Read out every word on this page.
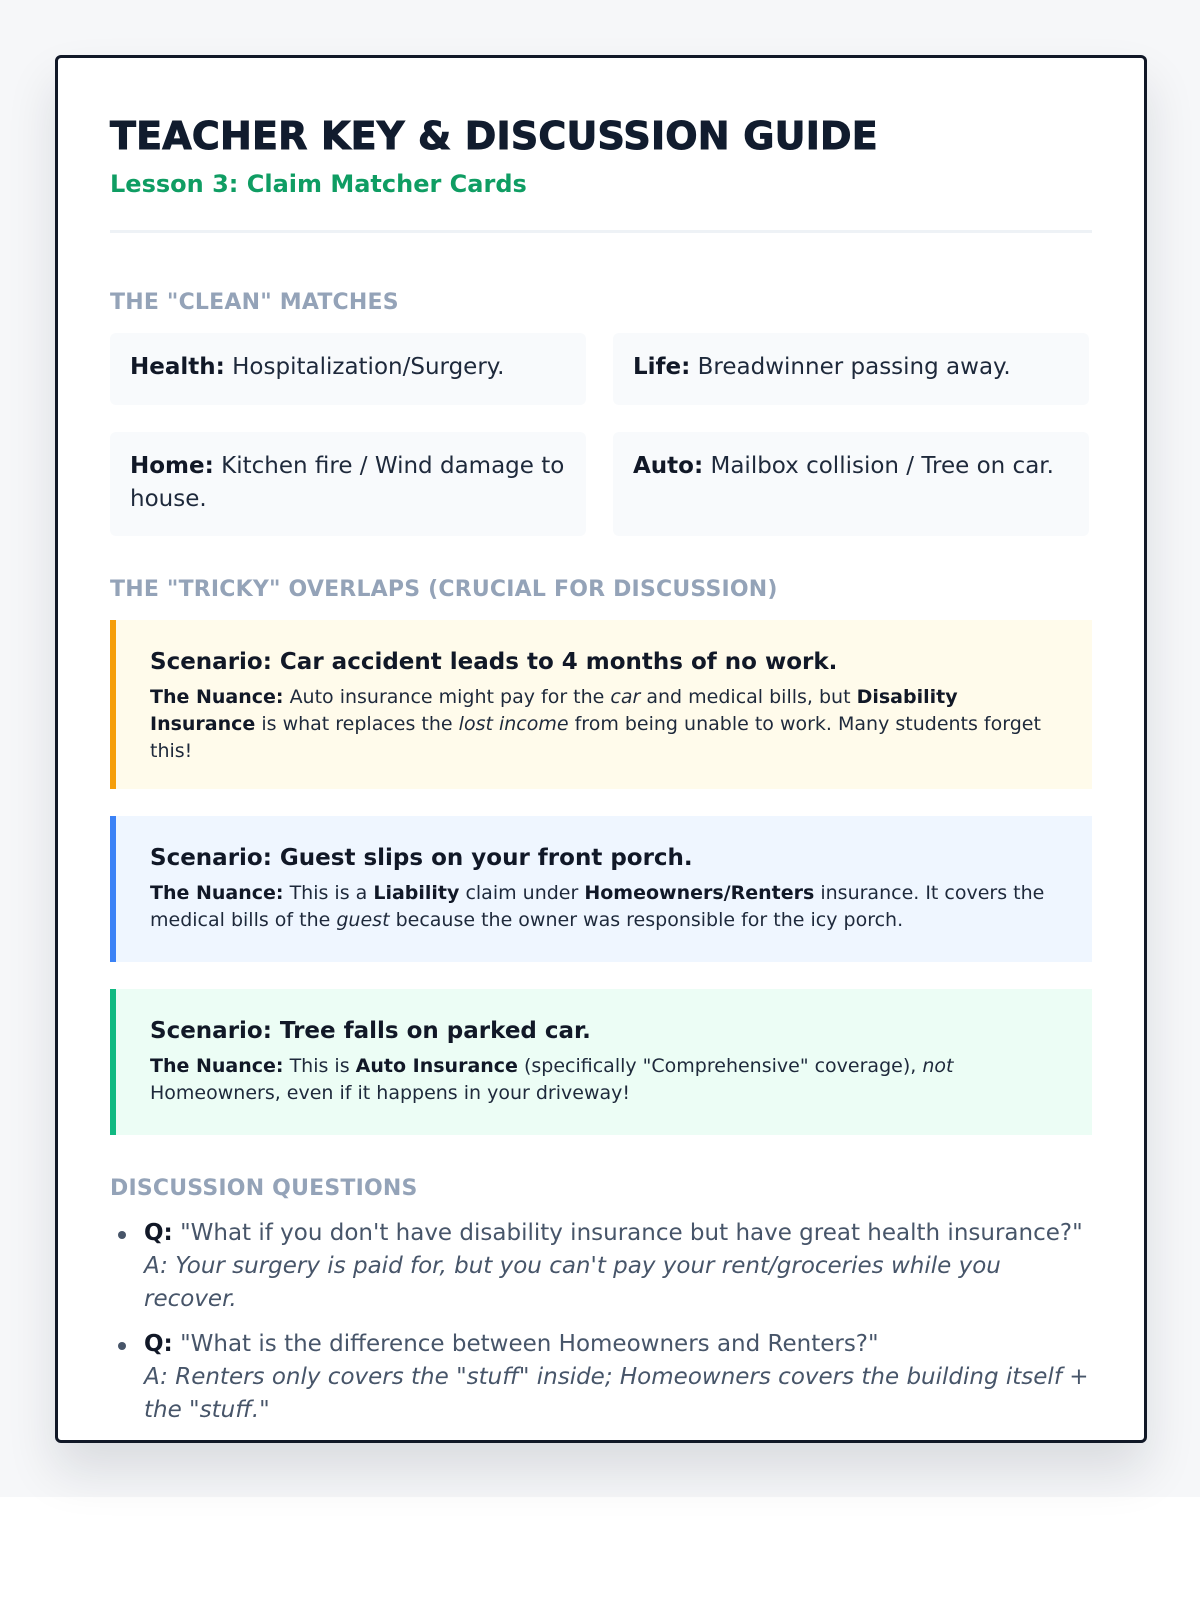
TEACHER KEY & DISCUSSION GUIDE
Lesson 3: Claim Matcher Cards
THE "CLEAN" MATCHES
Health: Hospitalization/Surgery.	Life: Breadwinner passing away.
Home: Kitchen fire / Wind damage to house.
Auto: Mailbox collision / Tree on car.
THE "TRICKY" OVERLAPS (CRUCIAL FOR DISCUSSION)
Scenario: Car accident leads to 4 months of no work.
The Nuance: Auto insurance might pay for the car and medical bills, but Disability Insurance is what replaces the lost income from being unable to work. Many students forget this!
Scenario: Guest slips on your front porch.
The Nuance: This is a Liability claim under Homeowners/Renters insurance. It covers the medical bills of the guest because the owner was responsible for the icy porch.
Scenario: Tree falls on parked car.
The Nuance: This is Auto Insurance (specifically "Comprehensive" coverage), not Homeowners, even if it happens in your driveway!
DISCUSSION QUESTIONS
Q: "What if you don't have disability insurance but have great health insurance?"
A: Your surgery is paid for, but you can't pay your rent/groceries while you recover.
Q: "What is the difference between Homeowners and Renters?"
A: Renters only covers the "stuff" inside; Homeowners covers the building itself + the "stuff."
